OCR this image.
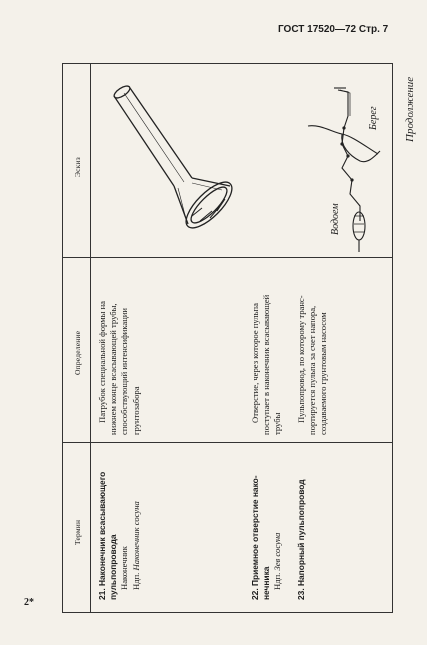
ГОСТ 17520—72 Стр. 7
2*
Продолжение
Эскиз
Определение
Термин 21. Наконечник всасывающего пульпопровода Наконечник Ндп. Наконечник сосуна

Патрубок специальной формы на нижнем конце всасывающей трубы, способствующий интенсификации грунтозабора

22. Приемное отверстие нако- нечника Ндп. Зев сосуна

Отверстие, через которое пульпа поступает в наконечник всасывающей трубы

23. Напорный пульпопровод

Пульпопровод, по которому транс- портируется пульпа за счет напора, создаваемого грунтовым насосом

Берег
Водоем
